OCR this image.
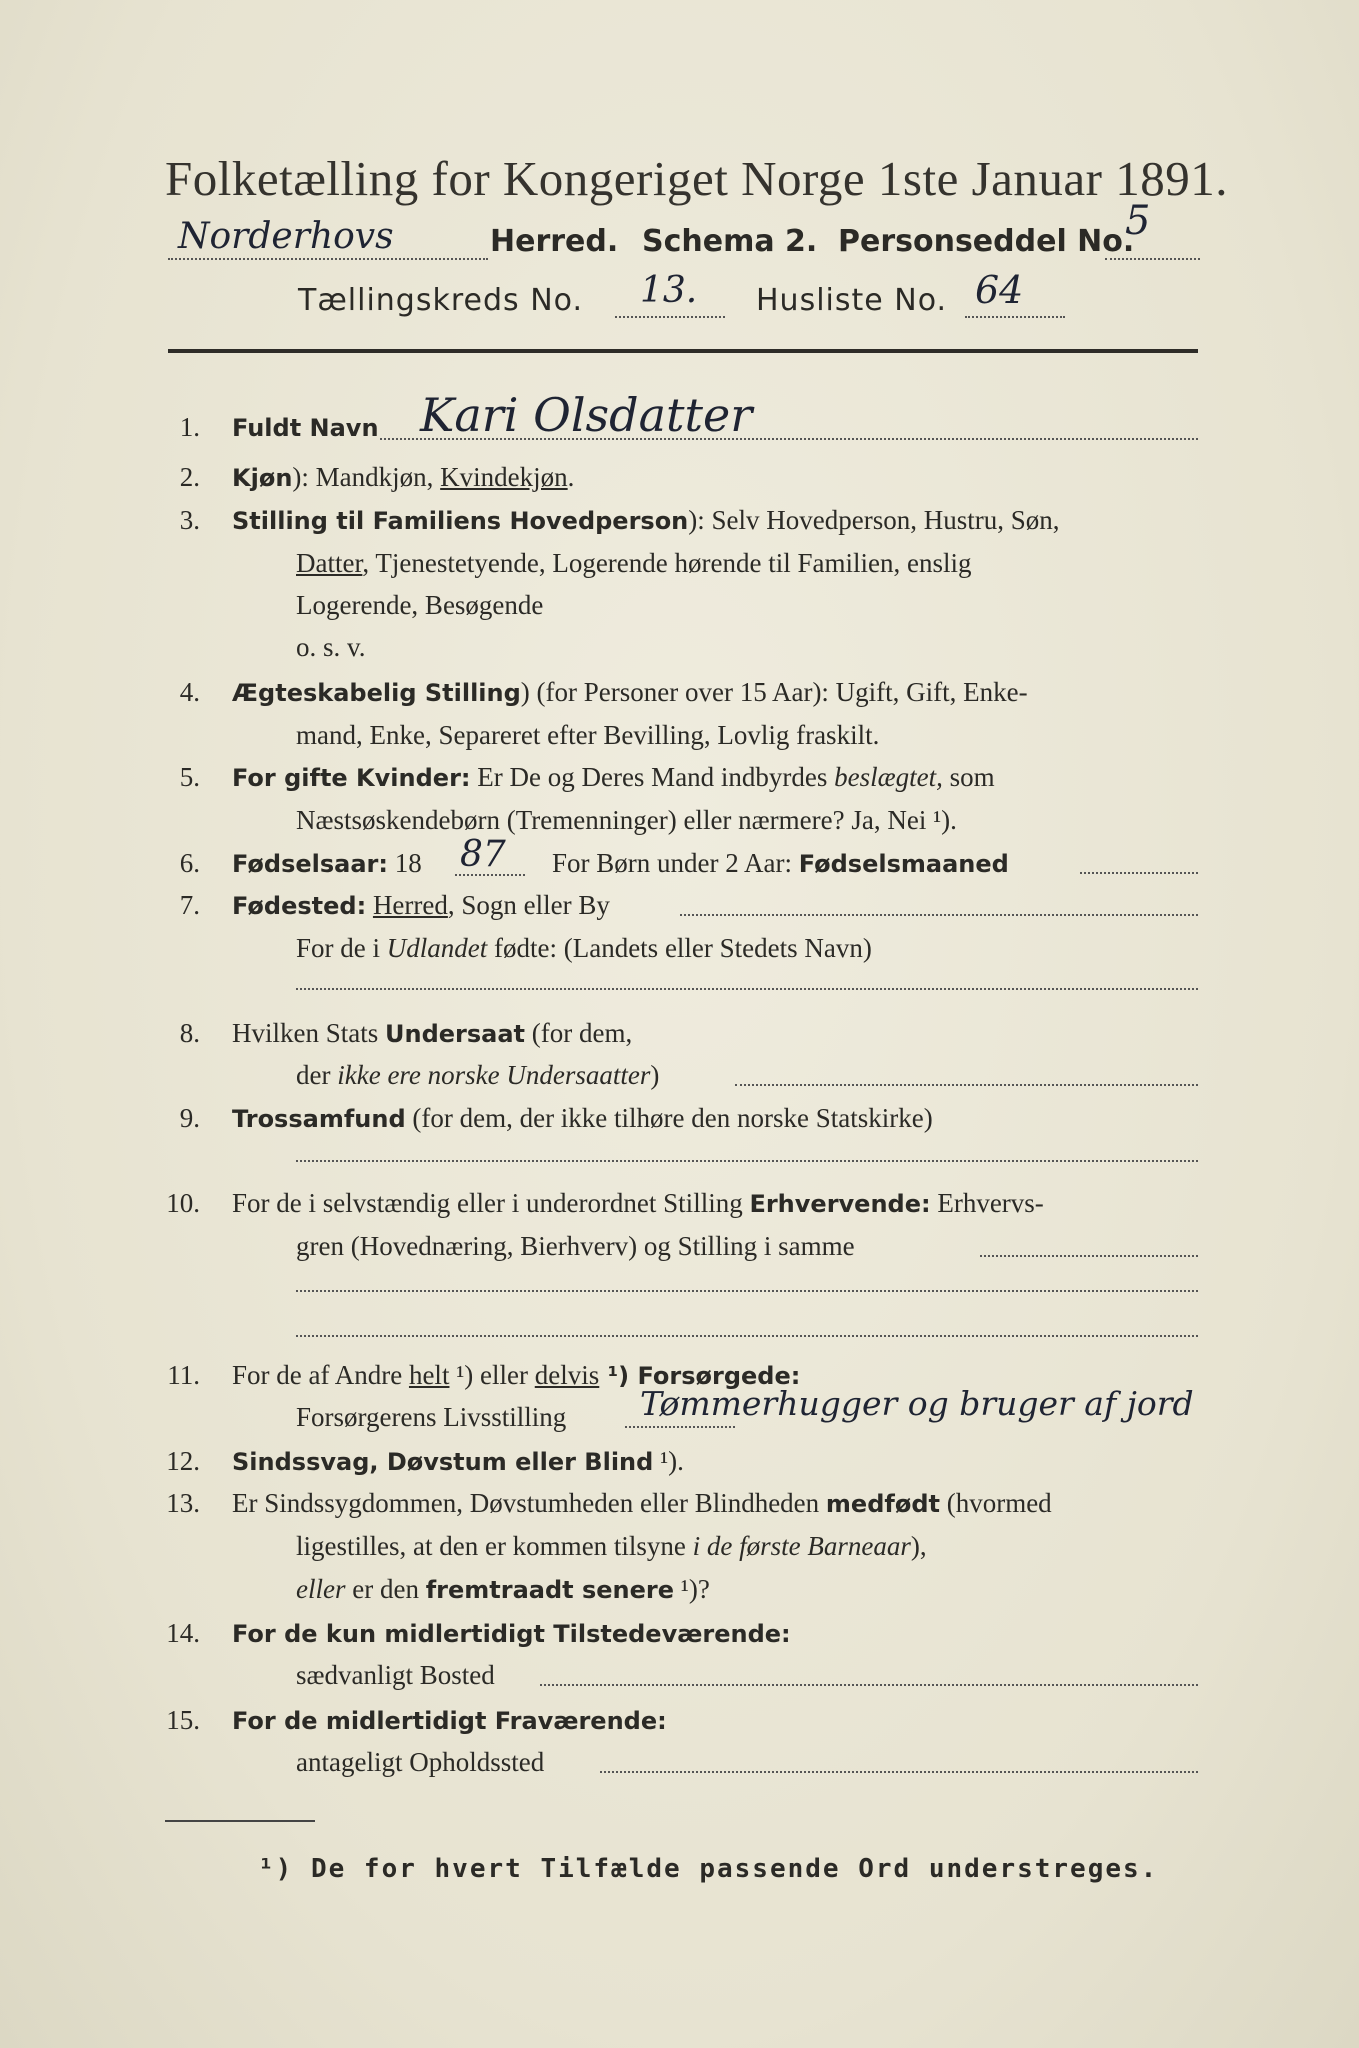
Folketælling for Kongeriget Norge 1ste Januar 1891.
Norderhovs	Herred. Schema 2. Personseddel No.
5
Tællingskreds No. 13. Husliste No. 64
1. Fuldt Navn Kari Olsdatter
2. Kjøn): Mandkjøn, Kvindekjøn.
3. Stilling til Familiens Hovedperson): Selv Hovedperson, Hustru, Søn,
Datter, Tjenestetyende, Logerende hørende til Familien, enslig
Logerende, Besøgende
o. s. v.
4. Ægteskabelig Stilling) (for Personer over 15 Aar): Ugift, Gift, Enke-
mand, Enke, Separeret efter Bevilling, Lovlig fraskilt.
5. For gifte Kvinder: Er De og Deres Mand indbyrdes beslægtet, som
Næstsøskendebørn (Tremenninger) eller nærmere? Ja, Nei ¹).
6. Fødselsaar: 18 87 For Børn under 2 Aar: Fødselsmaaned
7. Fødested: Herred, Sogn eller By
For de i Udlandet fødte: (Landets eller Stedets Navn)
8. Hvilken Stats Undersaat (for dem,
der ikke ere norske Undersaatter)
9. Trossamfund (for dem, der ikke tilhøre den norske Statskirke)
10. For de i selvstændig eller i underordnet Stilling Erhvervende: Erhvervs-
gren (Hovednæring, Bierhverv) og Stilling i samme
11. For de af Andre helt ¹) eller delvis ¹) Forsørgede:
Forsørgerens Livsstilling Tømmerhugger og bruger af jord
12. Sindssvag, Døvstum eller Blind ¹).
13. Er Sindssygdommen, Døvstumheden eller Blindheden medfødt (hvormed
ligestilles, at den er kommen tilsyne i de første Barneaar),
eller er den fremtraadt senere ¹)?
14. For de kun midlertidigt Tilstedeværende:
sædvanligt Bosted
15. For de midlertidigt Fraværende:
antageligt Opholdssted
¹) De for hvert Tilfælde passende Ord understreges.
